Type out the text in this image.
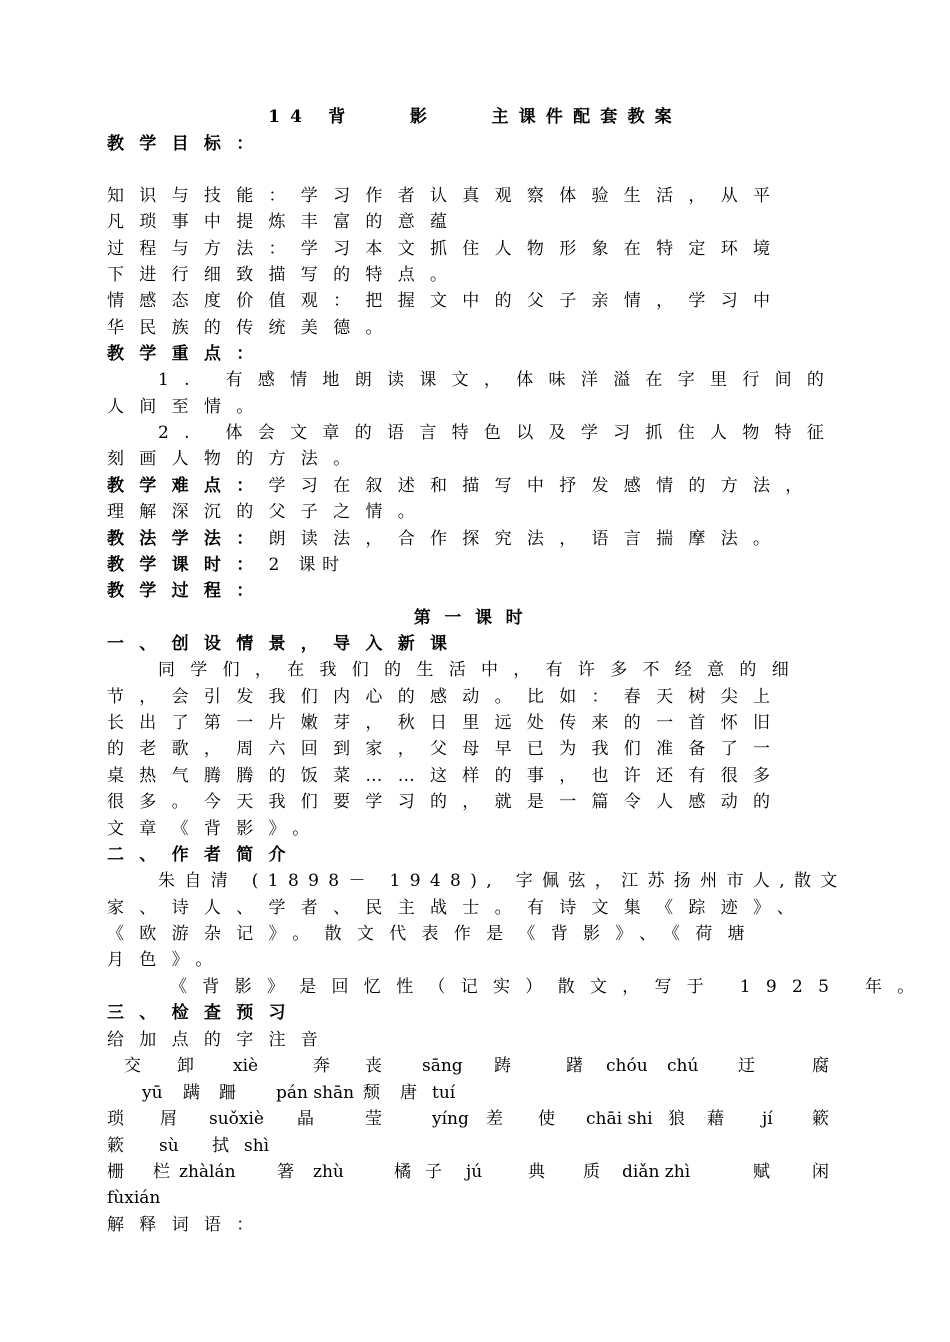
14 背　　影　　主课件配套教案
教学目标：
知识与技能：学习作者认真观察体验生活，从平
凡琐事中提炼丰富的意蕴
过程与方法：学习本文抓住人物形象在特定环境
下进行细致描写的特点。
情感态度价值观：把握文中的父子亲情，学习中
华民族的传统美德。
教学重点：
1. 有感情地朗读课文，体味洋溢在字里行间的
人间至情。
2. 体会文章的语言特色以及学习抓住人物特征
刻画人物的方法。
教学难点：学习在叙述和描写中抒发感情的方法，
理解深沉的父子之情。
教法学法：朗读法，合作探究法，语言揣摩法。
教学课时：2 课时
教学过程：
第一课时
一、创设情景，导入新课
同学们，在我们的生活中，有许多不经意的细
节，会引发我们内心的感动。比如：春天树尖上
长出了第一片嫩芽，秋日里远处传来的一首怀旧
的老歌，周六回到家，父母早已为我们准备了一
桌热气腾腾的饭菜……这样的事，也许还有很多
很多。今天我们要学习的，就是一篇令人感动的
文章《背影》。
二、作者简介
朱自清 (1898－ 1948), 字佩弦，江苏扬州市人,散文
家、诗人、学者、民主战士。有诗文集《踪迹》、
《欧游杂记》。散文代表作是《背影》、《荷塘
月色》。
《背影》是回忆性（记实）散文，写于 1925 年。
三、检查预习
给加点的字注音
交 卸 xiè	奔 丧 sāng 踌	躇 chóu chú 迂	腐
yū 蹒 跚 pán shān 颓 唐 tuí
琐 屑 suǒxiè 晶	莹	yíng 差 使 chāi shi 狼 藉 jí 簌
簌 sù 拭 shì
栅 栏 zhàlán 箸 zhù	橘 子 jú	典 质 diǎn zhì	赋 闲
fùxián
解释词语：
